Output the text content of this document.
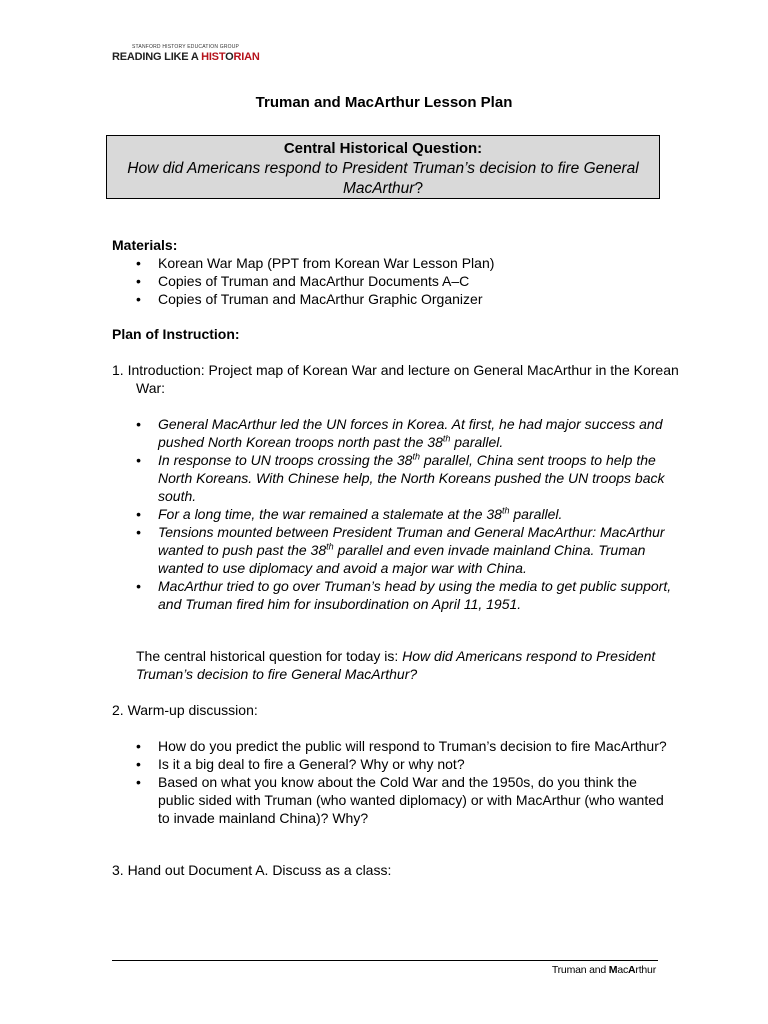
STANFORD HISTORY EDUCATION GROUP
READING LIKE A HISTORIAN
Truman and MacArthur Lesson Plan
Central Historical Question:
How did Americans respond to President Truman’s decision to fire General MacArthur?
Materials:
• Korean War Map (PPT from Korean War Lesson Plan)
• Copies of Truman and MacArthur Documents A–C
• Copies of Truman and MacArthur Graphic Organizer
Plan of Instruction:
1. Introduction: Project map of Korean War and lecture on General MacArthur in the Korean War:
• General MacArthur led the UN forces in Korea. At first, he had major success and pushed North Korean troops north past the 38th parallel.
• In response to UN troops crossing the 38th parallel, China sent troops to help the North Koreans. With Chinese help, the North Koreans pushed the UN troops back south.
• For a long time, the war remained a stalemate at the 38th parallel.
• Tensions mounted between President Truman and General MacArthur: MacArthur wanted to push past the 38th parallel and even invade mainland China. Truman wanted to use diplomacy and avoid a major war with China.
• MacArthur tried to go over Truman’s head by using the media to get public support, and Truman fired him for insubordination on April 11, 1951.
The central historical question for today is: How did Americans respond to President Truman’s decision to fire General MacArthur?
2. Warm-up discussion:
• How do you predict the public will respond to Truman’s decision to fire MacArthur?
• Is it a big deal to fire a General? Why or why not?
• Based on what you know about the Cold War and the 1950s, do you think the public sided with Truman (who wanted diplomacy) or with MacArthur (who wanted to invade mainland China)? Why?
3. Hand out Document A. Discuss as a class:
Truman and MacArthur
